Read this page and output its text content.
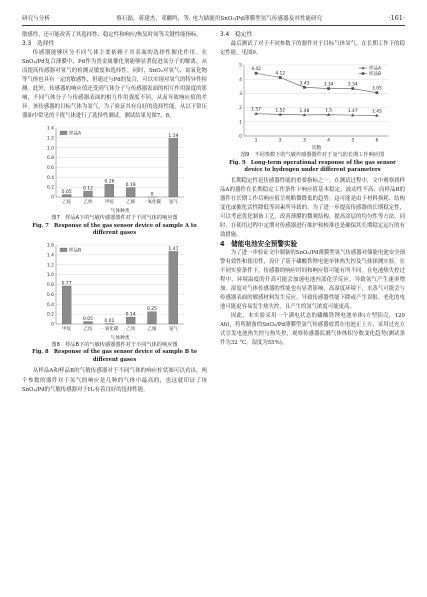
研究与分析	蔡石磊，蒋建杰，邓鹏鸣，等. 电力储能用SnO₂/Pd薄膜型氢气传感器及其性能研究	·161·

敏感性，还可能改善了其选择性、稳定性和响应/恢复时间等关键性能指标。

3.3　选择性

传感器能够区分不同气体主要依赖于其表面的选择性催化作用。在SnO₂/Pd复合薄膜中，Pd作为贵金属催化剂能够显著促进氢分子的解离，从而提高传感器对氢气的检测灵敏度和选择性。同时，SnO₂对氢气、氮氧化物等气体也具有一定的敏感性，但通过与Pd的复合，可以实现对氢气的特异性检测。此外，传感器的响应值还受到气体分子与传感器表面的相互作用强度的影响，不同气体分子与传感器表面的相互作用强度不同，从而导致响应值的差异。该传感器的目标气体为氢气，为了验证其有良好的选择性能，从以下常压器油中常见的干扰气体进行了选择性测试。测试结果见图7、8。

0
0.2
0.4
0.6
0.8
1.0
1.2
1.4
0.05
乙烷
0.12
乙炔
0.26
甲烷
0.19
乙烯
0
一氧化碳
1.19
氢气
气体种类
样品A

图7　样品A下的气敏传感器器件对于不同气体的响应图

Fig. 7　Response of the gas sensor device of sample A to

different gases

0
0.2
0.4
0.6
0.8
1.0
1.2
1.4
1.6
0.77
甲烷
0.05
乙烷
0.01
一氧化碳
0.14
乙炔
0.25
乙烯
1.47
氢气
气体种类
样品B

图8　样品B下的气敏传感器器件对于不同气体的响应图

Fig. 8　Response of the gas sensor device of sample B to

different gases

从样品A和样品B的气敏传感器对于不同气体的响应柱状图可以看出，两个参数的器件对于氢气的响应是几种的气体中最高的，也这就印证了该SnO₂/Pd的气敏传感器对于H₂有着良好的选择性能。

3.4　稳定性

最后测试了对于不同参数下的器件对于目标气体氢气，在长期工作下的稳定性能，见图9。

0
1
2
3
4
5
1	2	3	4	5	6
次数
1.57	1.52	1.48	1.5	1.47	1.45
样品A
4.42
4.12
3.43	3.34	3.34
3.05
样品B

图9　不同参数下的气敏传感器器件对于氢气的长期工作响应图

Fig. 9　Long-term operational response of the gas sensor

device to hydrogen under different parameters

长期稳定性是传感器性能的重要指标之一。在测试过程中，文中观察到样品A的器件在长期稳定工作条件下响应值基本稳定，波动性不高；而样品B的器件在长期工作后响应值呈现略微降低的趋势。这可能是由于材料损耗、结构变化或催化活性降低等因素所导致的。为了进一步提高传感器的长期稳定性，可以考虑优化制备工艺，改善薄膜的微观结构，提高涂层的均匀性等方法。同时，在使用过程中定期对传感器进行维护和校准也是确保其长期稳定运行的有效措施。

4　储能电池安全预警实验

为了进一步验证文中制备的SnO₂/Pd薄膜型氢气传感器对储能电池安全预警有效性和使用性，设计了基于磷酸铁锂电池单体热失控及气体探测实验。在不同实验条件下，传感器的响应时间和响应值可能有所不同。在电池热失控过程中，环境温度的升高可能会加速电池内部化学反应，导致氢气产生速率增加。湿度对气体传感器的性能也有显著影响，高湿度环境下，水蒸气可能会与传感器表面的敏感材料发生反应，导致传感器性能下降或产生误报。老化的电池可能更容易发生热失控，且产生的氢气浓度可能更高。

因此，本实验采用一个满电状态的磷酸铁锂电池单体(方型铝壳，120 Ah)，将所制备的SnO₂/Pd薄膜型氢气传感器放置在电池正上方，采用过充方式引发电池热失控与热失控，观察传感器监测气体体积分数变化趋势(测试条件为32 °C，湿度为55%)。
